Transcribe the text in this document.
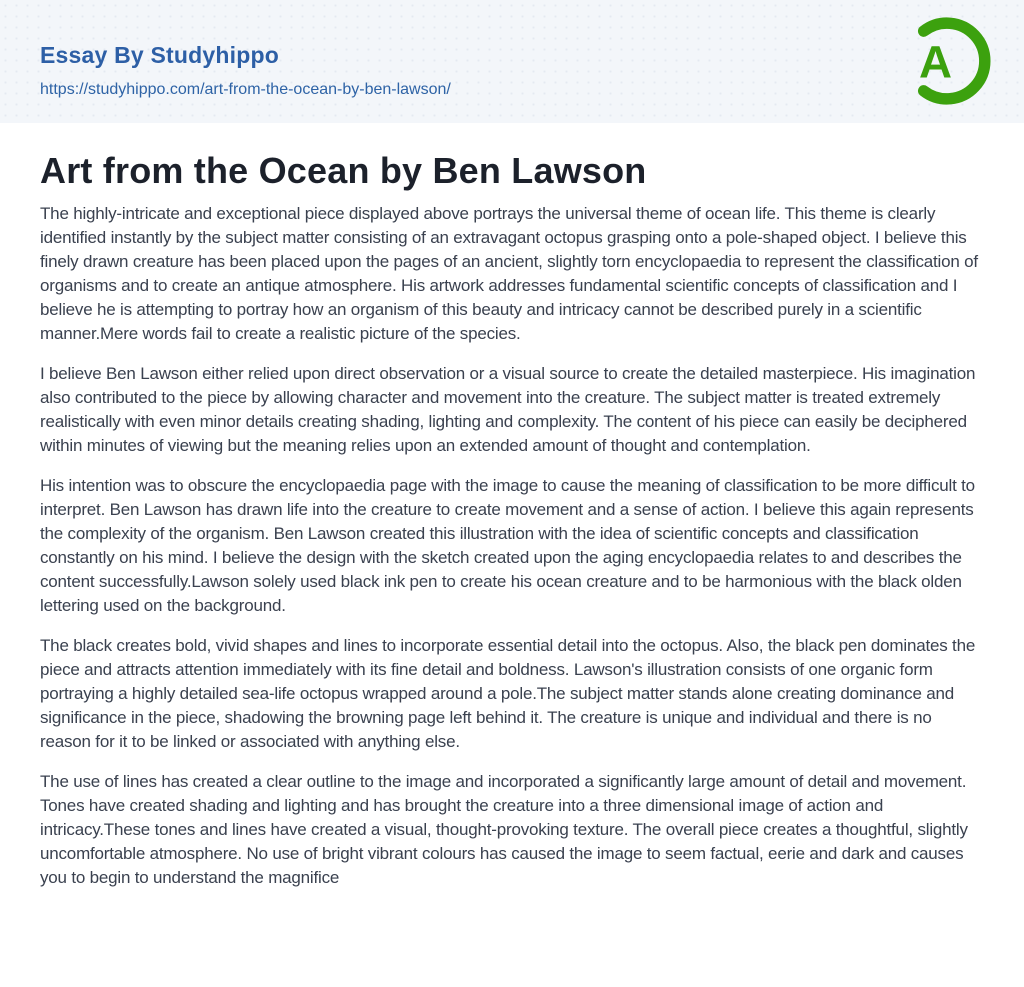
Essay By Studyhippo
https://studyhippo.com/art-from-the-ocean-by-ben-lawson/
A
Art from the Ocean by Ben Lawson

The highly-intricate and exceptional piece displayed above portrays the universal theme of ocean life. This theme is clearly identified instantly by the subject matter consisting of an extravagant octopus grasping onto a pole-shaped object. I believe this finely drawn creature has been placed upon the pages of an ancient, slightly torn encyclopaedia to represent the classification of organisms and to create an antique atmosphere. His artwork addresses fundamental scientific concepts of classification and I believe he is attempting to portray how an organism of this beauty and intricacy cannot be described purely in a scientific manner.Mere words fail to create a realistic picture of the species.

I believe Ben Lawson either relied upon direct observation or a visual source to create the detailed masterpiece. His imagination also contributed to the piece by allowing character and movement into the creature. The subject matter is treated extremely realistically with even minor details creating shading, lighting and complexity. The content of his piece can easily be deciphered within minutes of viewing but the meaning relies upon an extended amount of thought and contemplation.

His intention was to obscure the encyclopaedia page with the image to cause the meaning of classification to be more difficult to interpret. Ben Lawson has drawn life into the creature to create movement and a sense of action. I believe this again represents the complexity of the organism. Ben Lawson created this illustration with the idea of scientific concepts and classification constantly on his mind. I believe the design with the sketch created upon the aging encyclopaedia relates to and describes the content successfully.Lawson solely used black ink pen to create his ocean creature and to be harmonious with the black olden lettering used on the background.

The black creates bold, vivid shapes and lines to incorporate essential detail into the octopus. Also, the black pen dominates the piece and attracts attention immediately with its fine detail and boldness. Lawson's illustration consists of one organic form portraying a highly detailed sea-life octopus wrapped around a pole.The subject matter stands alone creating dominance and significance in the piece, shadowing the browning page left behind it. The creature is unique and individual and there is no reason for it to be linked or associated with anything else.

The use of lines has created a clear outline to the image and incorporated a significantly large amount of detail and movement. Tones have created shading and lighting and has brought the creature into a three dimensional image of action and intricacy.These tones and lines have created a visual, thought-provoking texture. The overall piece creates a thoughtful, slightly uncomfortable atmosphere. No use of bright vibrant colours has caused the image to seem factual, eerie and dark and causes you to begin to understand the magnifice
